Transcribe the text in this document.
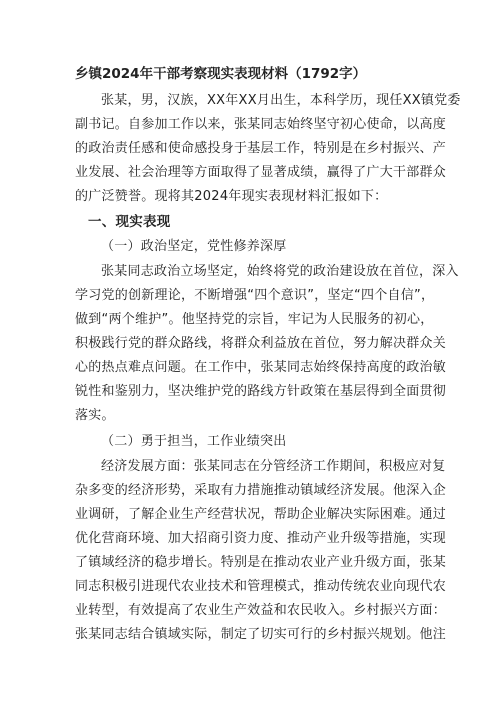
乡镇2024年干部考察现实表现材料（1792字）
张某，男，汉族，XX年XX月出生，本科学历，现任XX镇党委
副书记。自参加工作以来，张某同志始终坚守初心使命，以高度
的政治责任感和使命感投身于基层工作，特别是在乡村振兴、产
业发展、社会治理等方面取得了显著成绩，赢得了广大干部群众
的广泛赞誉。现将其2024年现实表现材料汇报如下：
一、现实表现
（一）政治坚定，党性修养深厚
张某同志政治立场坚定，始终将党的政治建设放在首位，深入
学习党的创新理论，不断增强“四个意识”，坚定“四个自信”，
做到“两个维护”。他坚持党的宗旨，牢记为人民服务的初心，
积极践行党的群众路线，将群众利益放在首位，努力解决群众关
心的热点难点问题。在工作中，张某同志始终保持高度的政治敏
锐性和鉴别力，坚决维护党的路线方针政策在基层得到全面贯彻
落实。
（二）勇于担当，工作业绩突出
经济发展方面：张某同志在分管经济工作期间，积极应对复
杂多变的经济形势，采取有力措施推动镇域经济发展。他深入企
业调研，了解企业生产经营状况，帮助企业解决实际困难。通过
优化营商环境、加大招商引资力度、推动产业升级等措施，实现
了镇域经济的稳步增长。特别是在推动农业产业升级方面，张某
同志积极引进现代农业技术和管理模式，推动传统农业向现代农
业转型，有效提高了农业生产效益和农民收入。乡村振兴方面：
张某同志结合镇域实际，制定了切实可行的乡村振兴规划。他注
